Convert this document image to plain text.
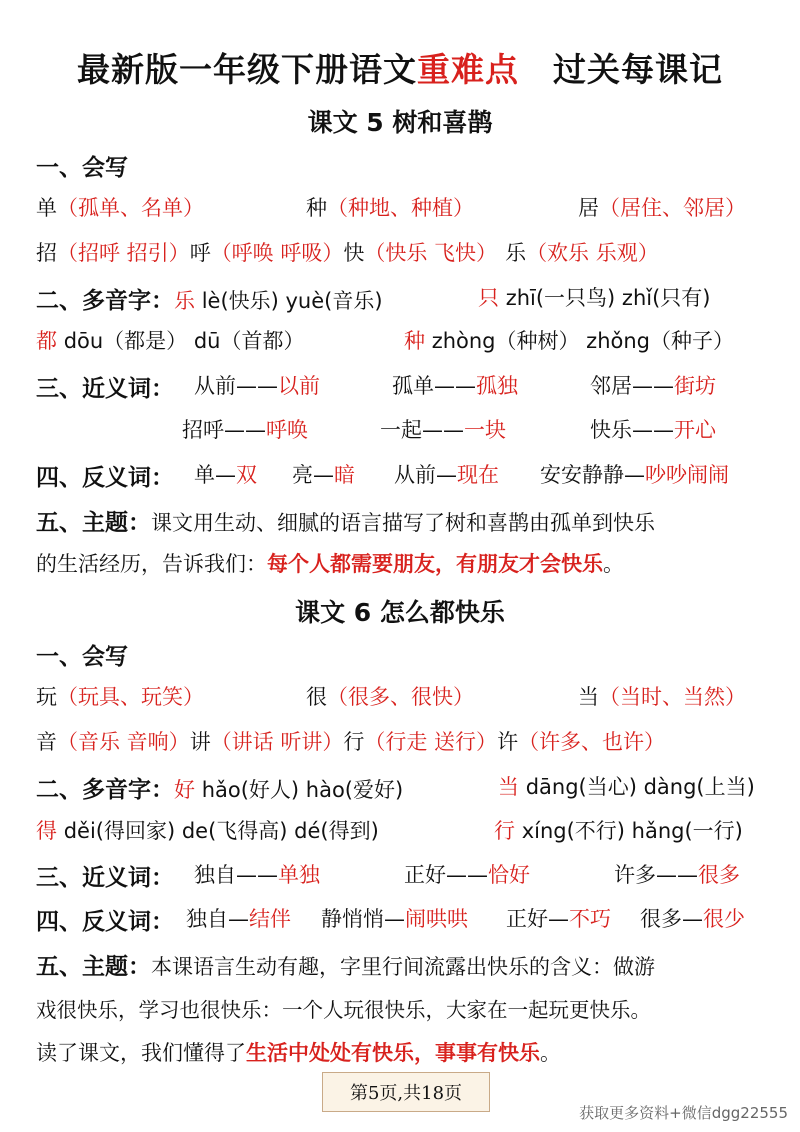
最新版一年级下册语文重难点 过关每课记
课文 5 树和喜鹊
一、会写
单（孤单、名单）	种（种地、种植）	居（居住、邻居）
招（招呼 招引）呼（呼唤 呼吸）快（快乐 飞快） 乐（欢乐 乐观）
二、多音字：乐 lè(快乐) yuè(音乐)	只 zhī(一只鸟) zhǐ(只有)
都 dōu（都是） dū（首都）	种 zhòng（种树） zhǒng（种子）
三、近义词： 从前——以前	孤单——孤独	邻居——街坊
招呼——呼唤	一起——一块	快乐——开心
四、反义词： 单—双 亮—暗 从前—现在 安安静静—吵吵闹闹
五、主题：课文用生动、细腻的语言描写了树和喜鹊由孤单到快乐
的生活经历，告诉我们：每个人都需要朋友，有朋友才会快乐。
课文 6 怎么都快乐
一、会写
玩（玩具、玩笑）	很（很多、很快）	当（当时、当然）
音（音乐 音响）讲（讲话 听讲）行（行走 送行）许（许多、也许）
二、多音字：好 hǎo(好人) hào(爱好)	当 dāng(当心) dàng(上当)
得 děi(得回家) de(飞得高) dé(得到)	行 xíng(不行) hǎng(一行)
三、近义词： 独自——单独	正好——恰好	许多——很多
四、反义词： 独自—结伴 静悄悄—闹哄哄 正好—不巧 很多—很少
五、主题：本课语言生动有趣，字里行间流露出快乐的含义：做游
戏很快乐，学习也很快乐：一个人玩很快乐，大家在一起玩更快乐。
读了课文，我们懂得了生活中处处有快乐，事事有快乐。
第5页,共18页
获取更多资料+微信dgg22555
